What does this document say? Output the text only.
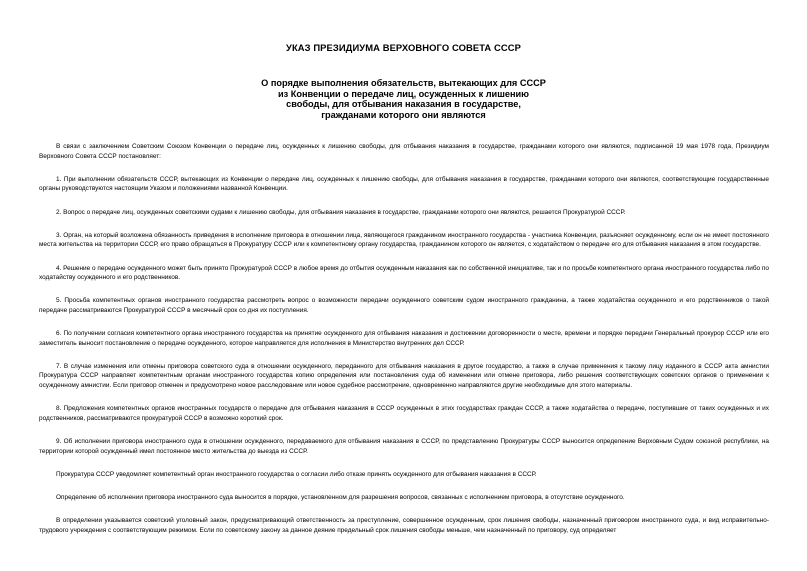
УКАЗ ПРЕЗИДИУМА ВЕРХОВНОГО СОВЕТА СССР
О порядке выполнения обязательств, вытекающих для СССР
из Конвенции о передаче лиц, осужденных к лишению
свободы, для отбывания наказания в государстве,
гражданами которого они являются

В связи с заключением Советским Союзом Конвенции о передаче лиц, осужденных к лишению свободы, для отбывания наказания в государстве, гражданами которого они являются, подписанной 19 мая 1978 года, Президиум Верховного Совета СССР постановляет:

1. При выполнении обязательств СССР, вытекающих из Конвенции о передаче лиц, осужденных к лишению свободы, для отбывания наказания в государстве, гражданами которого они являются, соответствующие государственные органы руководствуются настоящим Указом и положениями названной Конвенции.

2. Вопрос о передаче лиц, осужденных советскими судами к лишению свободы, для отбывания наказания в государстве, гражданами которого они являются, решается Прокуратурой СССР.

3. Орган, на который возложена обязанность приведения в исполнение приговора в отношении лица, являющегося гражданином иностранного государства - участника Конвенции, разъясняет осужденному, если он не имеет постоянного места жительства на территории СССР, его право обращаться в Прокуратуру СССР или к компетентному органу государства, гражданином которого он является, с ходатайством о передаче его для отбывания наказания в этом государстве.

4. Решение о передаче осужденного может быть принято Прокуратурой СССР в любое время до отбытия осужденным наказания как по собственной инициативе, так и по просьбе компетентного органа иностранного государства либо по ходатайству осужденного и его родственников.

5. Просьба компетентных органов иностранного государства рассмотреть вопрос о возможности передачи осужденного советским судом иностранного гражданина, а также ходатайства осужденного и его родственников о такой передаче рассматриваются Прокуратурой СССР в месячный срок со дня их поступления.

6. По получении согласия компетентного органа иностранного государства на принятие осужденного для отбывания наказания и достижении договоренности о месте, времени и порядке передачи Генеральный прокурор СССР или его заместитель выносит постановление о передаче осужденного, которое направляется для исполнения в Министерство внутренних дел СССР.

7. В случае изменения или отмены приговора советского суда в отношении осужденного, переданного для отбывания наказания в другое государство, а также в случае применения к такому лицу изданного в СССР акта амнистии Прокуратура СССР направляет компетентным органам иностранного государства копию определения или постановления суда об изменении или отмене приговора, либо решения соответствующих советских органов о применении к осужденному амнистии. Если приговор отменен и предусмотрено новое расследование или новое судебное рассмотрение, одновременно направляются другие необходимые для этого материалы.

8. Предложения компетентных органов иностранных государств о передаче для отбывания наказания в СССР осужденных в этих государствах граждан СССР, а также ходатайства о передаче, поступившие от таких осужденных и их родственников, рассматриваются прокуратурой СССР в возможно короткий срок.

9. Об исполнении приговора иностранного суда в отношении осужденного, передаваемого для отбывания наказания в СССР, по представлению Прокуратуры СССР выносится определение Верховным Судом союзной республики, на территории которой осужденный имел постоянное место жительства до выезда из СССР.

Прокуратура СССР уведомляет компетентный орган иностранного государства о согласии либо отказе принять осужденного для отбывания наказания в СССР.

Определение об исполнении приговора иностранного суда выносится в порядке, установленном для разрешения вопросов, связанных с исполнением приговора, в отсутствие осужденного.

В определении указывается советский уголовный закон, предусматривающий ответственность за преступление, совершенное осужденным, срок лишения свободы, назначенный приговором иностранного суда, и вид исправительно-трудового учреждения с соответствующим режимом. Если по советскому закону за данное деяние предельный срок лишения свободы меньше, чем назначенный по приговору, суд определяет
